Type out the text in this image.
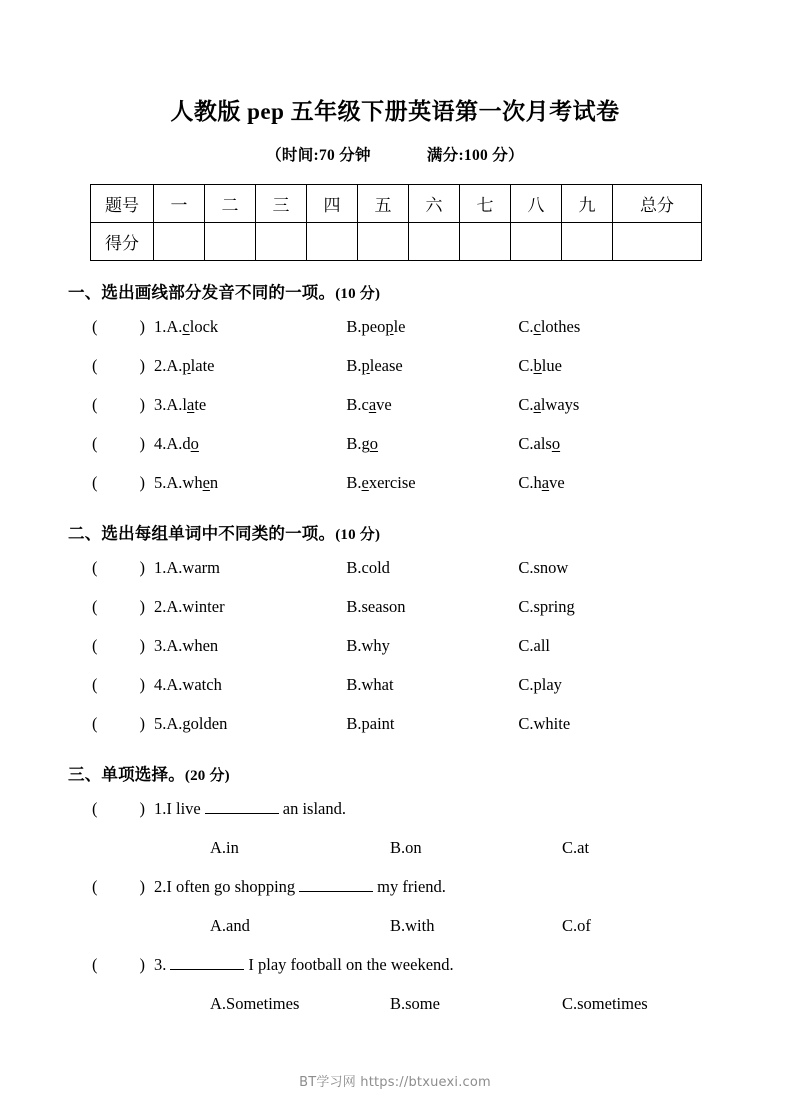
人教版 pep 五年级下册英语第一次月考试卷
（时间:70 分钟	满分:100 分）
题号	一	二	三	四	五	六	七	八	九	总分
得分										
一、选出画线部分发音不同的一项。(10 分)
(	) 1.A.clock	B.people	C.clothes
(	) 2.A.plate	B.please	C.blue
(	) 3.A.late	B.cave	C.always
(	) 4.A.do	B.go	C.also
(	) 5.A.when	B.exercise	C.have
二、选出每组单词中不同类的一项。(10 分)
(	) 1.A.warm	B.cold	C.snow
(	) 2.A.winter	B.season	C.spring
(	) 3.A.when	B.why	C.all
(	) 4.A.watch	B.what	C.play
(	) 5.A.golden	B.paint	C.white
三、单项选择。(20 分)
(	) 1.I live	an island.
A.in	B.on	C.at
(	) 2.I often go shopping	my friend.
A.and	B.with	C.of
(	) 3.	I play football on the weekend.
A.Sometimes	B.some	C.sometimes
BT学习网 https://btxuexi.com
